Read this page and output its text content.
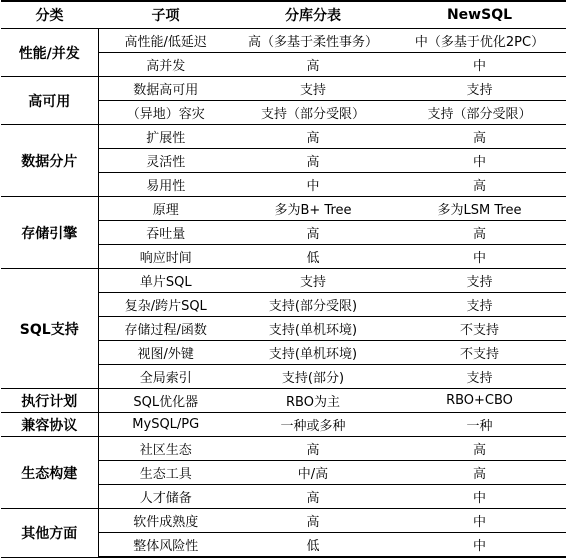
分类	子项	分库分表	NewSQL
性能/并发	高性能/低延迟	高（多基于柔性事务）	中（多基于优化2PC）
	高并发	高	中
高可用	数据高可用	支持	支持
	（异地）容灾	支持（部分受限）	支持（部分受限）
数据分片	扩展性	高	高
	灵活性	高	中
	易用性	中	高
存储引擎	原理	多为B+ Tree	多为LSM Tree
	吞吐量	高	高
	响应时间	低	中
SQL支持	单片SQL	支持	支持
	复杂/跨片SQL	支持(部分受限)	支持
	存储过程/函数	支持(单机环境)	不支持
	视图/外键	支持(单机环境)	不支持
	全局索引	支持(部分)	支持
执行计划	SQL优化器	RBO为主	RBO+CBO
兼容协议	MySQL/PG	一种或多种	一种
生态构建	社区生态	高	高
	生态工具	中/高	高
	人才储备	高	中
其他方面	软件成熟度	高	中
	整体风险性	低	中
